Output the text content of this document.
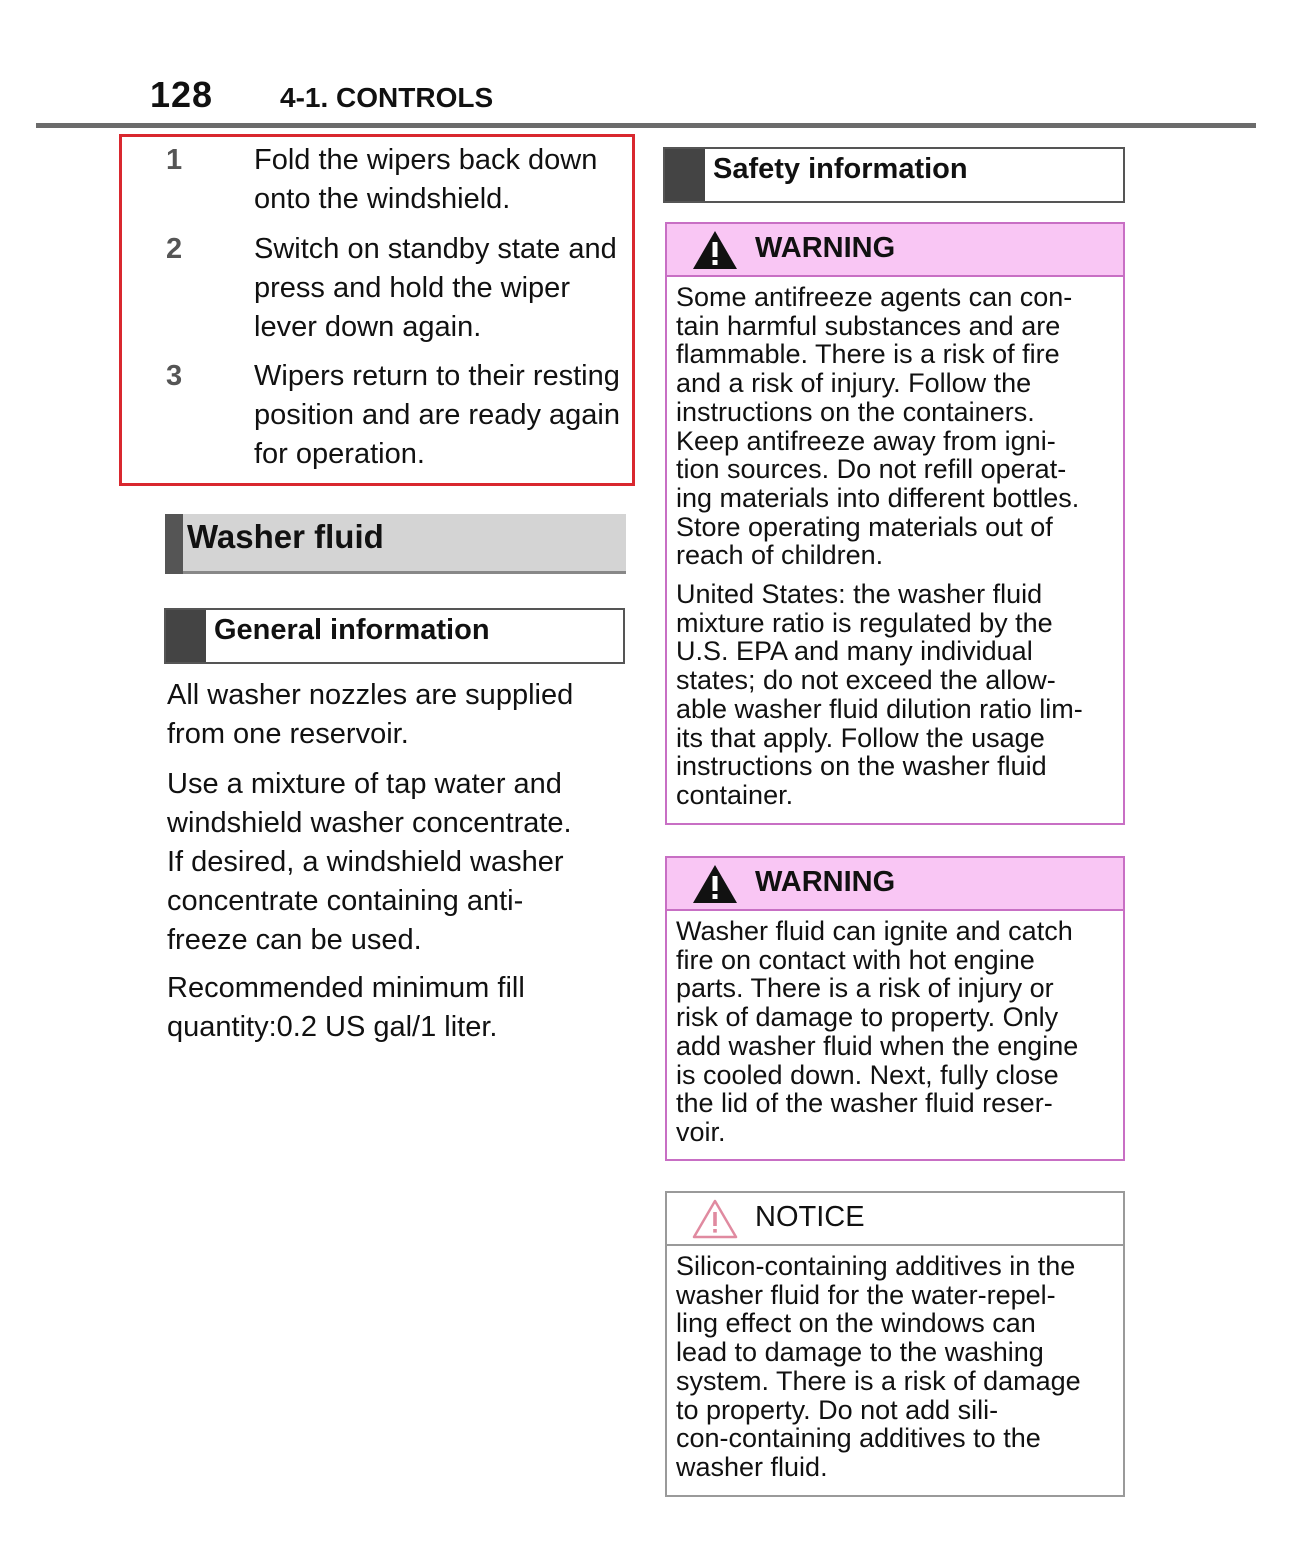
128 4-1. CONTROLS
1	Fold the wipers back down
onto the windshield.
2	Switch on standby state and
press and hold the wiper
lever down again.
3	Wipers return to their resting
position and are ready again
for operation.
Washer fluid
General information
All washer nozzles are supplied
from one reservoir.
Use a mixture of tap water and
windshield washer concentrate.
If desired, a windshield washer
concentrate containing anti-
freeze can be used.
Recommended minimum fill
quantity:0.2 US gal/1 liter.
Safety information
WARNING

Some antifreeze agents can con-
tain harmful substances and are
flammable. There is a risk of fire
and a risk of injury. Follow the
instructions on the containers.
Keep antifreeze away from igni-
tion sources. Do not refill operat-
ing materials into different bottles.
Store operating materials out of
reach of children.

United States: the washer fluid
mixture ratio is regulated by the
U.S. EPA and many individual
states; do not exceed the allow-
able washer fluid dilution ratio lim-
its that apply. Follow the usage
instructions on the washer fluid
container.

WARNING

Washer fluid can ignite and catch
fire on contact with hot engine
parts. There is a risk of injury or
risk of damage to property. Only
add washer fluid when the engine
is cooled down. Next, fully close
the lid of the washer fluid reser-
voir.

NOTICE

Silicon-containing additives in the
washer fluid for the water-repel-
ling effect on the windows can
lead to damage to the washing
system. There is a risk of damage
to property. Do not add sili-
con-containing additives to the
washer fluid.
